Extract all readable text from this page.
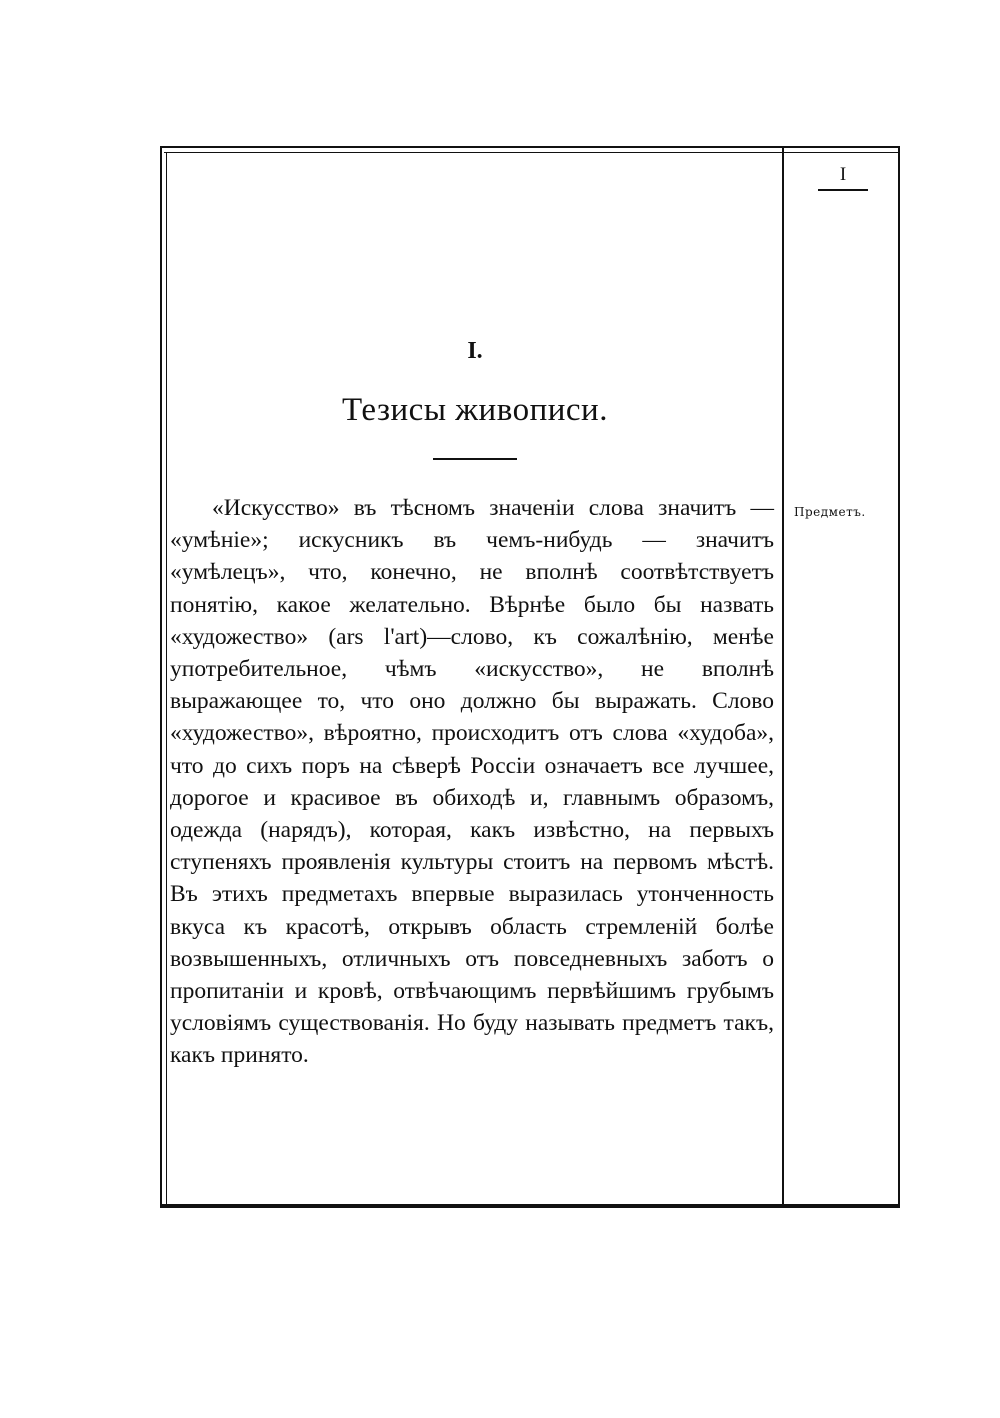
I
Предметъ.
I.
Тезисы живописи.

«Искусство» въ тѣсномъ значеніи слова значитъ — «умѣніе»; искусникъ въ чемъ-нибудь — значитъ «умѣлецъ», что, конечно, не вполнѣ соотвѣтствуетъ понятію, какое желательно. Вѣрнѣе было бы назвать «художество» (ars l'art)—слово, къ сожалѣнію, менѣе употребительное, чѣмъ «искусство», не вполнѣ выражающее то, что оно должно бы выражать. Слово «художество», вѣроятно, происходитъ отъ слова «худоба», что до сихъ поръ на сѣверѣ Россіи означаетъ все лучшее, дорогое и красивое въ обиходѣ и, главнымъ образомъ, одежда (нарядъ), которая, какъ извѣстно, на первыхъ ступеняхъ проявленія культуры стоитъ на первомъ мѣстѣ. Въ этихъ предметахъ впервые выразилась утонченность вкуса къ красотѣ, открывъ область стремленій болѣе возвышенныхъ, отличныхъ отъ повседневныхъ заботъ о пропитаніи и кровѣ, отвѣчающимъ первѣйшимъ грубымъ условіямъ существованія. Но буду называть предметъ такъ, какъ принято.
